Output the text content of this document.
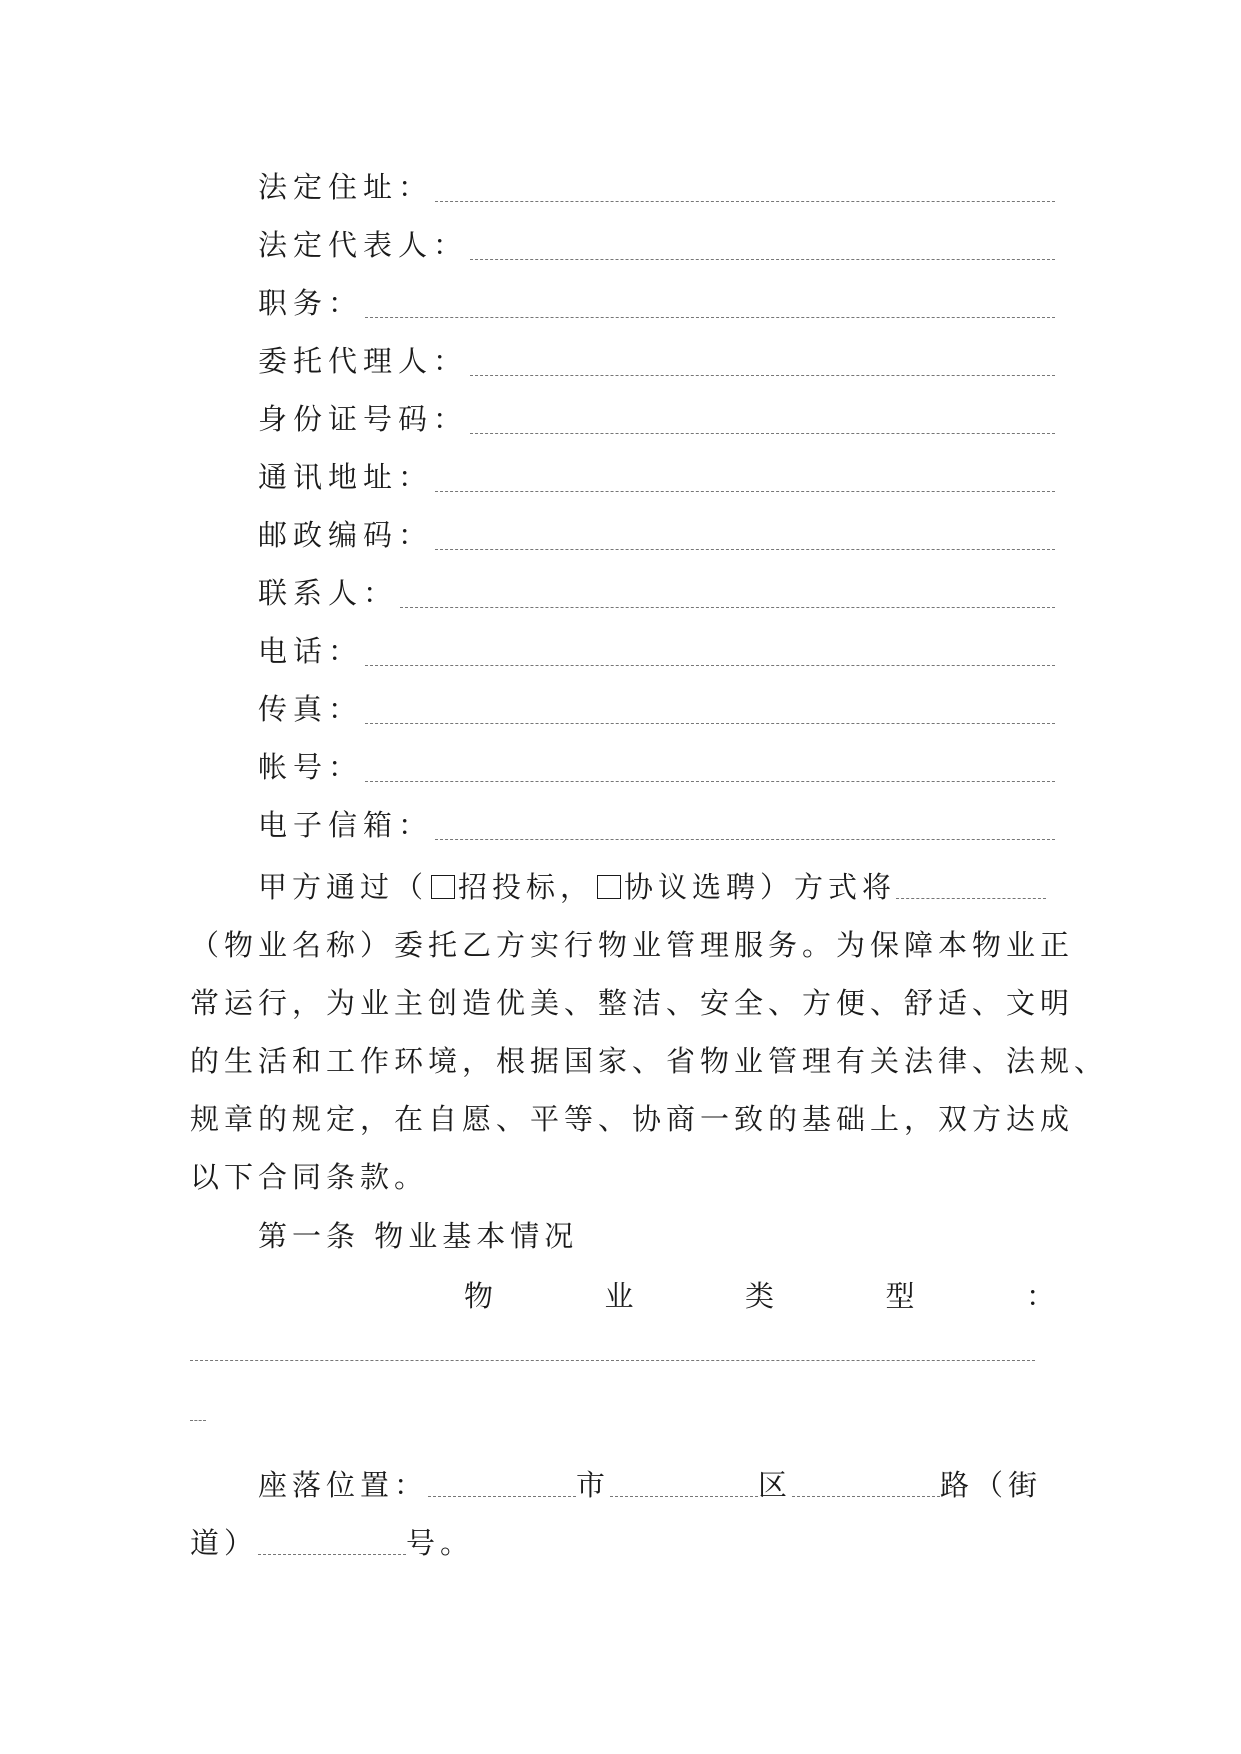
法定住址：
法定代表人：
职务：
委托代理人：
身份证号码：
通讯地址：
邮政编码：
联系人：
电话：
传真：
帐号：
电子信箱：
甲方通过（ 招投标， 协议选聘）方式将
（物业名称）委托乙方实行物业管理服务。为保障本物业正
常运行，为业主创造优美、整洁、安全、方便、舒适、文明
的生活和工作环境，根据国家、省物业管理有关法律、法规、
规章的规定，在自愿、平等、协商一致的基础上，双方达成
以下合同条款。
第一条 物业基本情况
物	业	类	型	：
座落位置：	市	区	路（街
道）	号。
